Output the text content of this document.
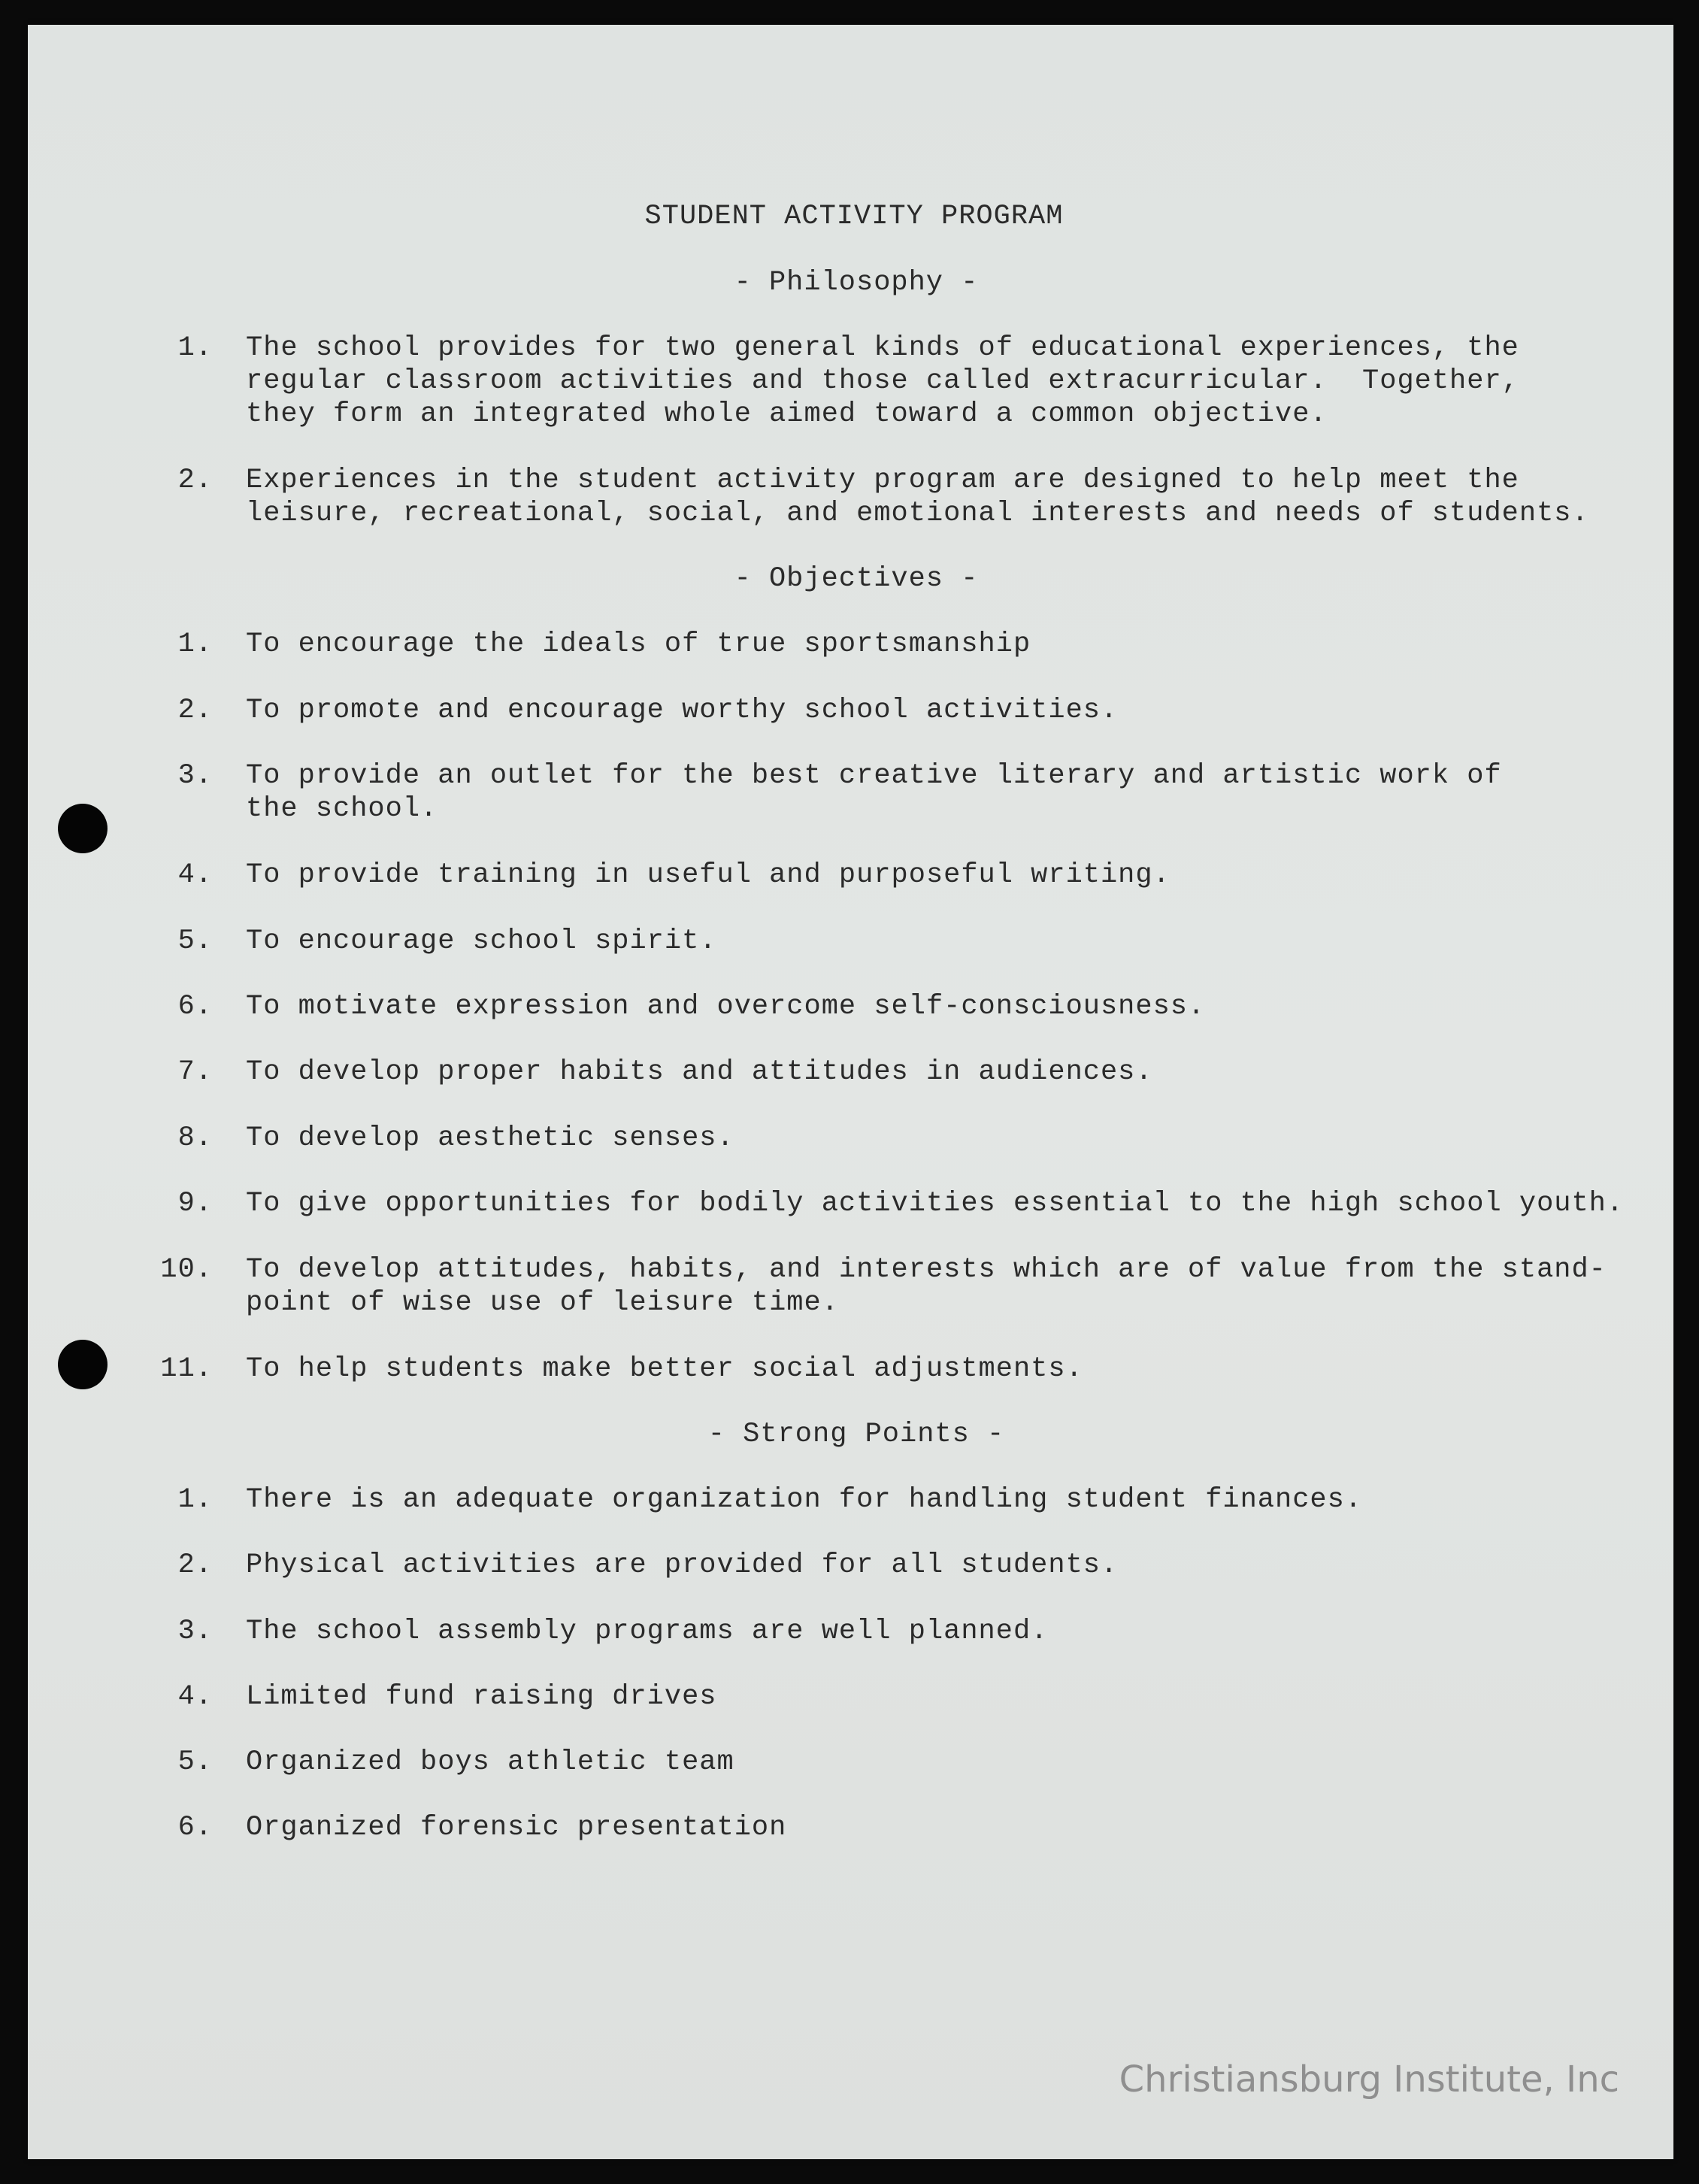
STUDENT ACTIVITY PROGRAM
- Philosophy -
- Objectives -
- Strong Points -
1. The school provides for two general kinds of educational experiences, the
regular classroom activities and those called extracurricular.  Together,
they form an integrated whole aimed toward a common objective.
2. Experiences in the student activity program are designed to help meet the
leisure, recreational, social, and emotional interests and needs of students.
1. To encourage the ideals of true sportsmanship
2. To promote and encourage worthy school activities.
3. To provide an outlet for the best creative literary and artistic work of
the school.
4. To provide training in useful and purposeful writing.
5. To encourage school spirit.
6. To motivate expression and overcome self-consciousness.
7. To develop proper habits and attitudes in audiences.
8. To develop aesthetic senses.
9. To give opportunities for bodily activities essential to the high school youth.
10. To develop attitudes, habits, and interests which are of value from the stand-
point of wise use of leisure time.
11. To help students make better social adjustments.
1. There is an adequate organization for handling student finances.
2. Physical activities are provided for all students.
3. The school assembly programs are well planned.
4. Limited fund raising drives
5. Organized boys athletic team
6. Organized forensic presentation
Christiansburg Institute, Inc
